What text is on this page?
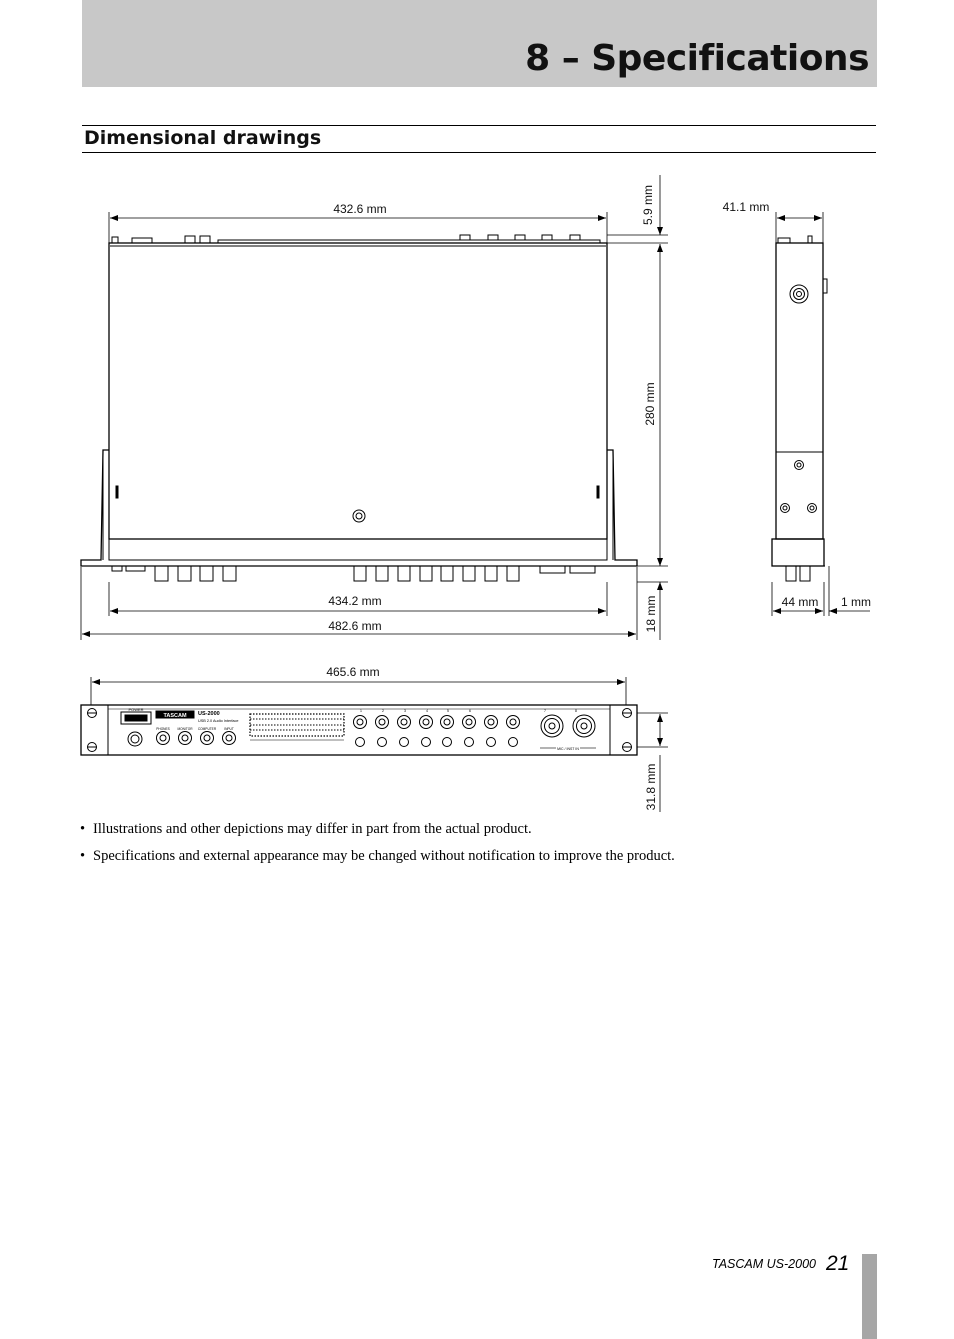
8 – Specifications
Dimensional drawings
POWER
TASCAM US-2000
USB 2.0 Audio Interface
PHONES MONITOR COMPUTER	INPUT
1	2	3	4	5	6	7	8
MIC / INST IN
432.6 mm	5.9 mm
280 mm
18 mm
434.2 mm
482.6 mm
41.1 mm
44 mm 1 mm
465.6 mm
31.8 mm
• Illustrations and other depictions may differ in part from the actual product.
• Specifications and external appearance may be changed without notification to improve the product.
TASCAM US-2000 21
